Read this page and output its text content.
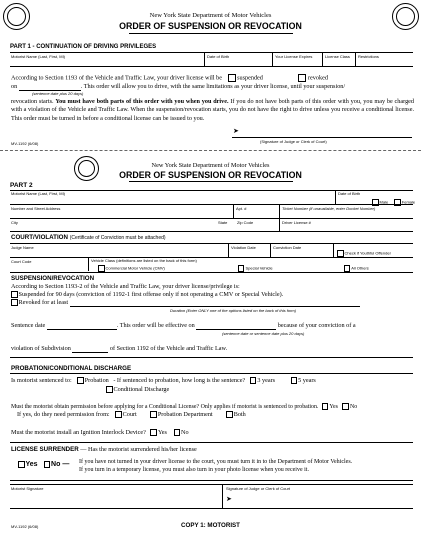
New York State Department of Motor Vehicles
ORDER OF SUSPENSION OR REVOCATION
PART 1 - CONTINUATION OF DRIVING PRIVILEGES
Motorist Name (Last, First, MI)	Date of Birth	Your License Expires	License Class Restrictions
According to Section 1193 of the Vehicle and Traffic Law, your driver license will be suspended	revoked
on	. This order will allow you to drive, with the same limitations as your driver license, until your suspension/
(sentence date plus 20 days)
revocation starts. You must have both parts of this order with you when you drive. If you do not have both parts of this order with you, you may be charged with a violation of the Vehicle and Traffic Law. When the suspension/revocation starts, you do not have the right to drive unless you receive a conditional license. This order must be turned in before a conditional license can be issued to you.
➤
MV-1192 (6/08)	(Signature of Judge or Clerk of Court)
New York State Department of Motor Vehicles
ORDER OF SUSPENSION OR REVOCATION
PART 2
Motorist Name (Last, First, MI)	Date of Birth
Male	Female
Number and Street Address	Apt. #	Ticket Number (if unavailable, enter Docket Number)
City	State Zip Code	Driver License #
COURT/VIOLATION (Certificate of Conviction must be attached)
Judge Name	Violation Date	Conviction Date
Check if Youthful Offender
Court Code	Vehicle Class (definitions are listed on the back of this form)
Commercial Motor Vehicle (CMV)	Special Vehicle	All Others
SUSPENSION/REVOCATION
According to Section 1193-2 of the Vehicle and Traffic Law, your driver license/privilege is:
Suspended for 90 days (conviction of 1192-1 first offense only if not operating a CMV or Special Vehicle).
Revoked for at least
Duration (Enter ONLY one of the options listed on the back of this form)
Sentence date	. This order will be effective on	because of your conviction of a
(sentence date or sentence date plus 20 days)
violation of Subdivision	of Section 1192 of the Vehicle and Traffic Law.
PROBATION/CONDITIONAL DISCHARGE
Is motorist sentenced to: Probation - If sentenced to probation, how long is the sentence? 3 years	5 years
Conditional Discharge
Must the motorist obtain permission before applying for a Conditional License? Only applies if motorist is sentenced to probation. Yes No
If yes, do they need permission from: Court	Probation Department	Both
Must the motorist install an Ignition Interlock Device? Yes No
LICENSE SURRENDER — Has the motorist surrendered his/her license
Yes No — If you have not turned in your driver license to the court, you must turn it in to the Department of Motor Vehicles.
If you turn in a temporary license, you must also turn in your photo license when you receive it.
Motorist Signature	Signature of Judge or Clerk of Court
➤
MV-1192 (6/08)	COPY 1: MOTORIST
